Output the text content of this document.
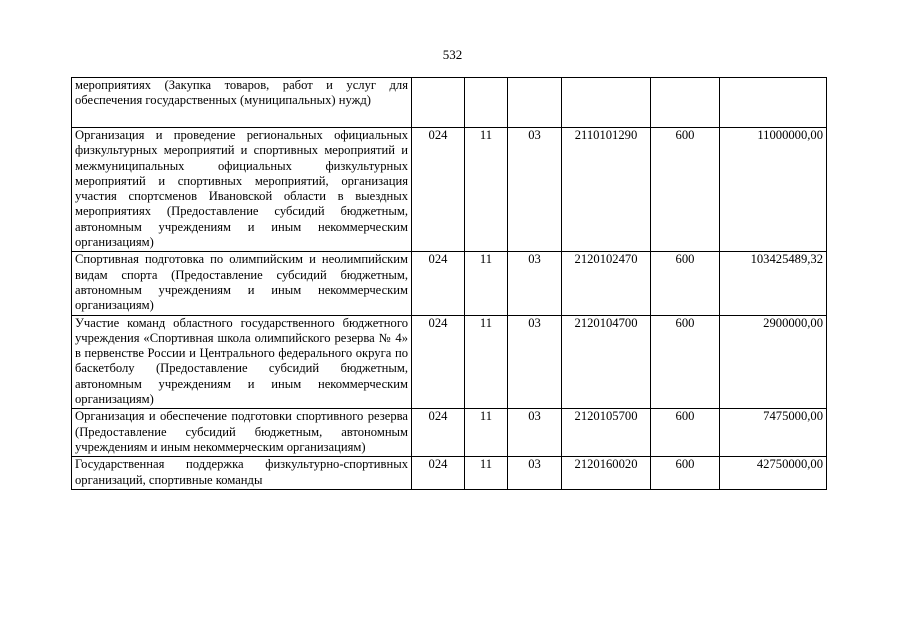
532
мероприятиях (Закупка товаров, работ и услуг для обеспечения государственных (муниципальных) нужд)						
Организация и проведение региональных официальных физкультурных мероприятий и спортивных мероприятий и межмуниципальных официальных физкультурных мероприятий и спортивных мероприятий, организация участия спортсменов Ивановской области в выездных мероприятиях (Предоставление субсидий бюджетным, автономным учреждениям и иным некоммерческим организациям)	024	11	03	2110101290	600	11000000,00
Спортивная подготовка по олимпийским и неолимпийским видам спорта (Предоставление субсидий бюджетным, автономным учреждениям и иным некоммерческим организациям)	024	11	03	2120102470	600	103425489,32
Участие команд областного государственного бюджетного учреждения «Спортивная школа олимпийского резерва № 4» в первенстве России и Центрального федерального округа по баскетболу (Предоставление субсидий бюджетным, автономным учреждениям и иным некоммерческим организациям)	024	11	03	2120104700	600	2900000,00
Организация и обеспечение подготовки спортивного резерва (Предоставление субсидий бюджетным, автономным учреждениям и иным некоммерческим организациям)	024	11	03	2120105700	600	7475000,00
Государственная поддержка физкультурно-спортивных организаций, спортивные команды	024	11	03	2120160020	600	42750000,00
